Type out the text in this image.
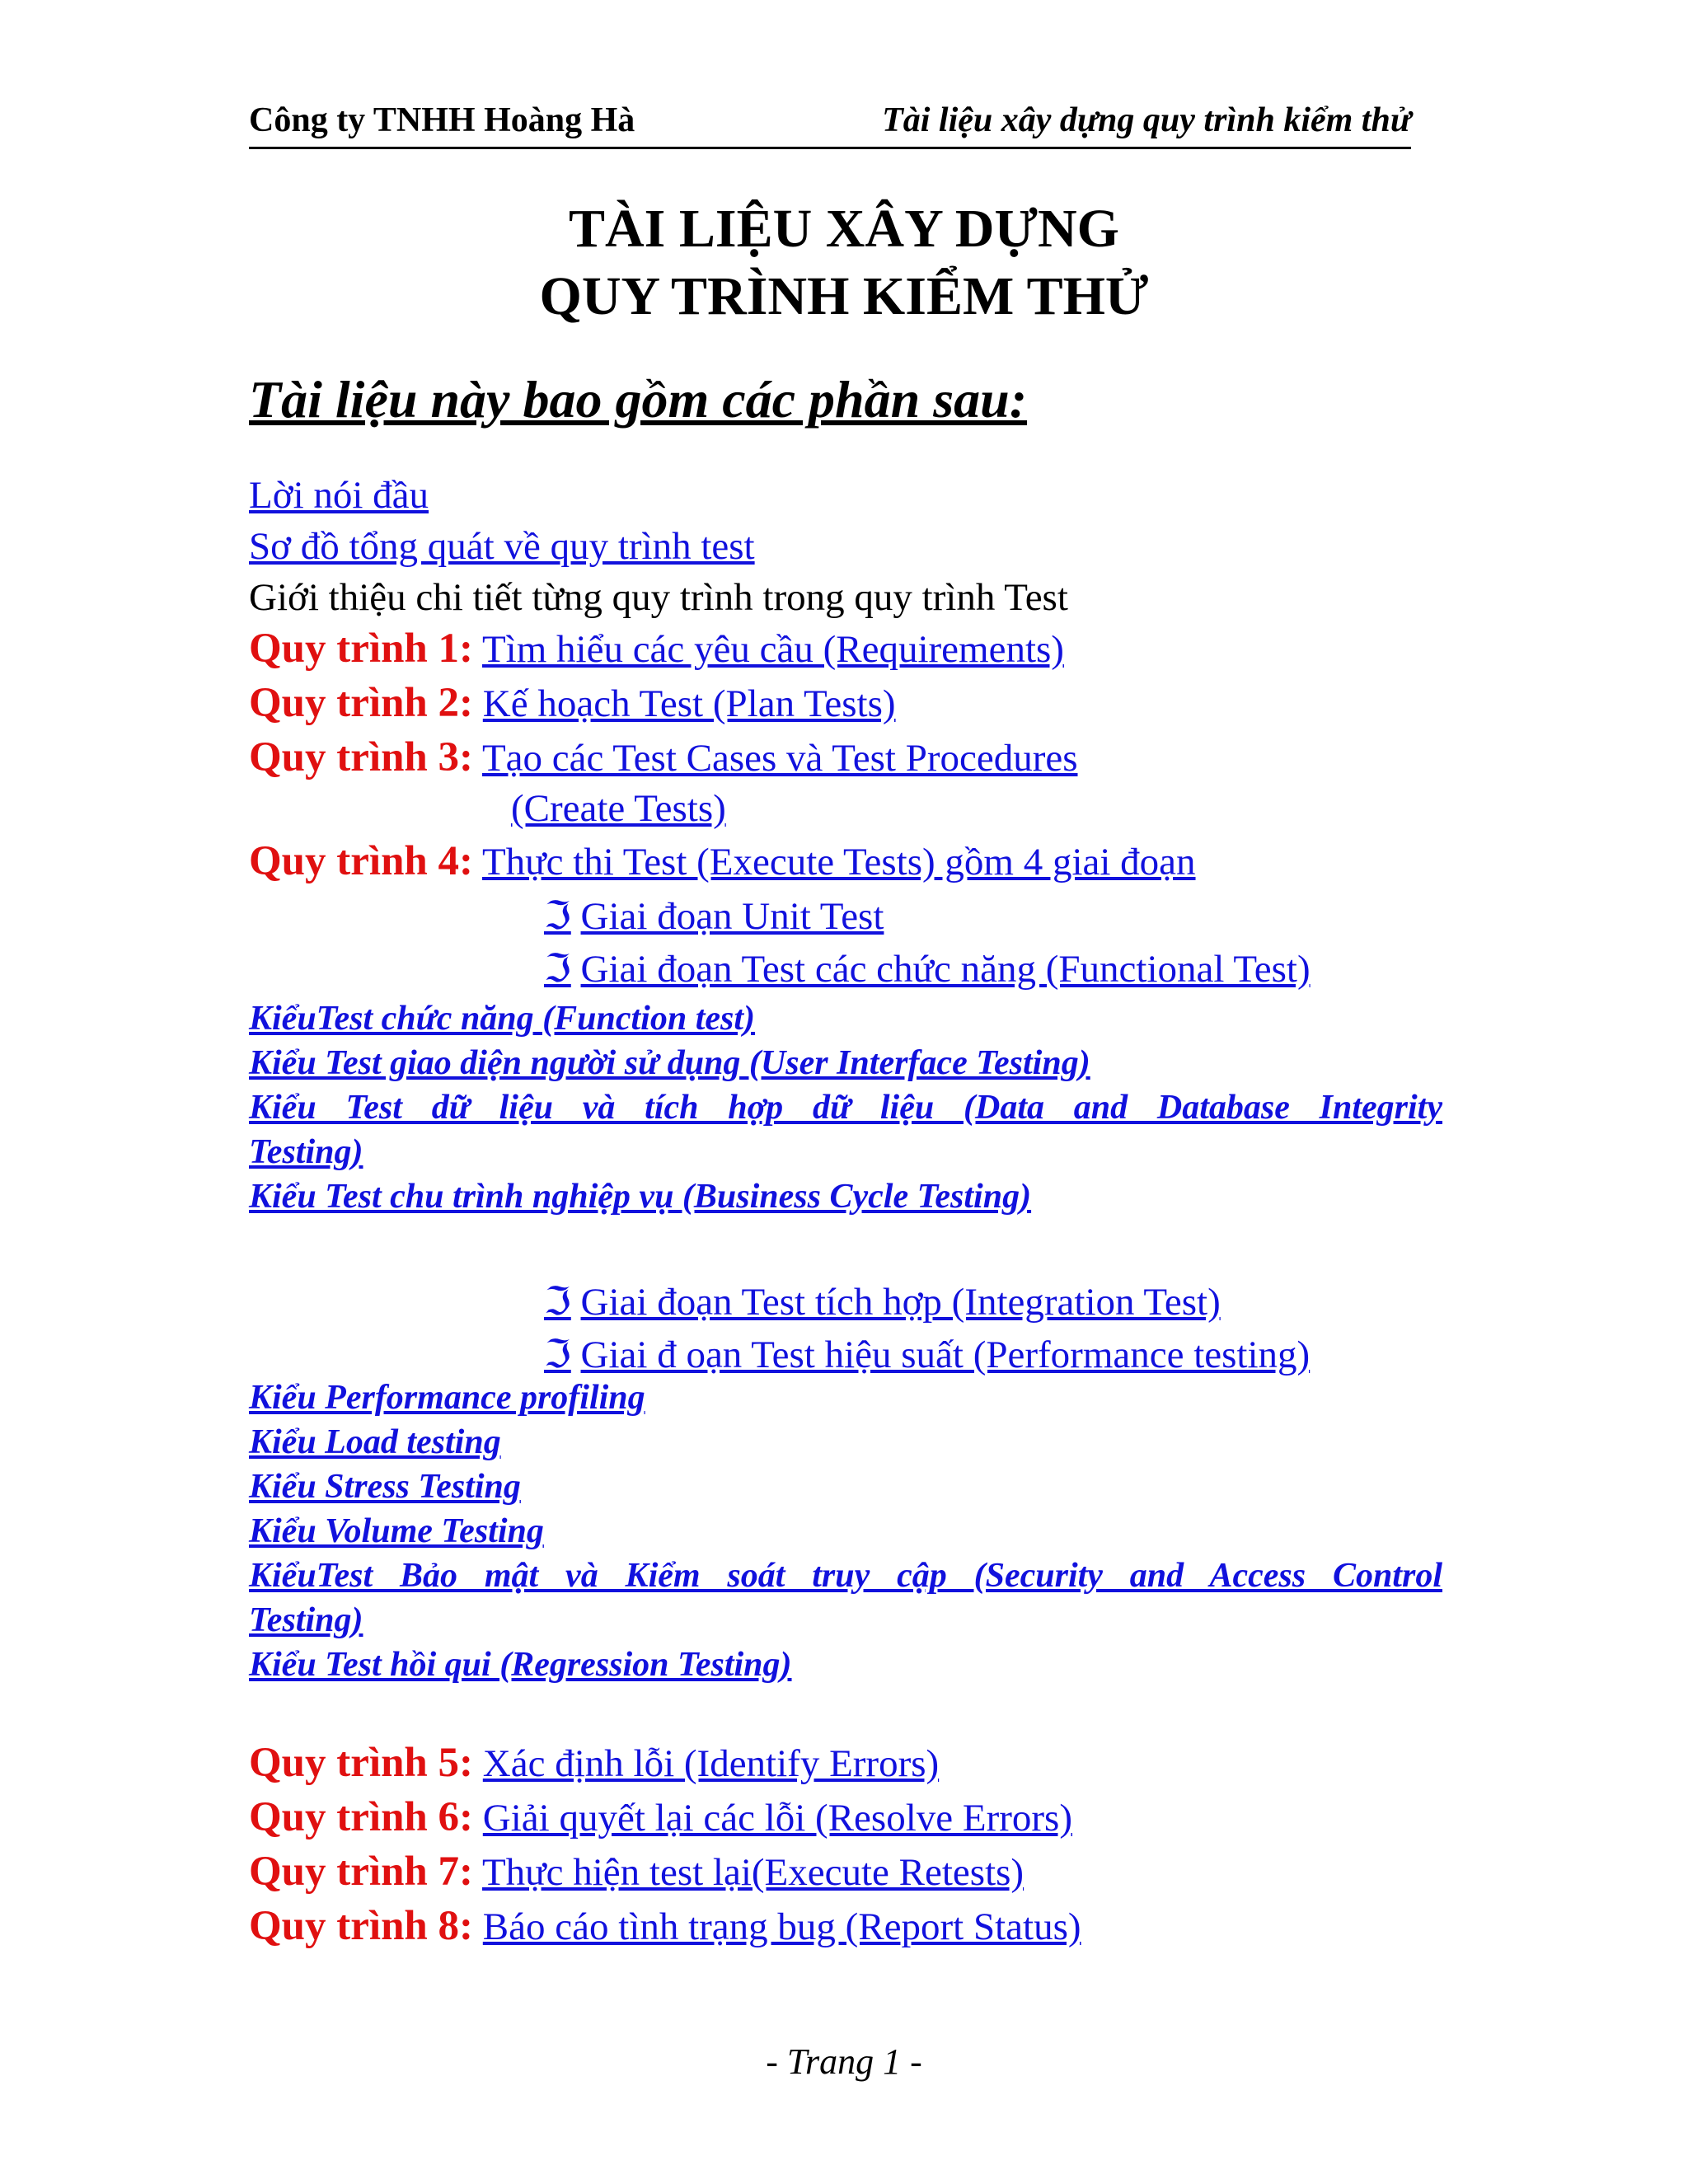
Công ty TNHH Hoàng Hà	Tài liệu xây dựng quy trình kiểm thử
TÀI LIỆU XÂY DỰNG
QUY TRÌNH KIỂM THỬ
Tài liệu này bao gồm các phần sau:
Lời nói đầu
Sơ đồ tổng quát về quy trình test
Giới thiệu chi tiết từng quy trình trong quy trình Test
Quy trình 1: Tìm hiểu các yêu cầu (Requirements)
Quy trình 2: Kế hoạch Test (Plan Tests)
Quy trình 3: Tạo các Test Cases và Test Procedures
(Create Tests)
Quy trình 4: Thực thi Test (Execute Tests) gồm 4 giai đoạn
ℑ Giai đoạn Unit Test
ℑ Giai đoạn Test các chức năng (Functional Test)
KiểuTest chức năng (Function test)
Kiểu Test giao diện người sử dụng (User Interface Testing)
Kiểu Test dữ liệu và tích hợp dữ liệu (Data and Database Integrity
Testing)
Kiểu Test chu trình nghiệp vụ (Business Cycle Testing)
ℑ Giai đoạn Test tích hợp (Integration Test)
ℑ Giai đ oạn Test hiệu suất (Performance testing)
Kiểu Performance profiling
Kiểu Load testing
Kiểu Stress Testing
Kiểu Volume Testing
KiểuTest Bảo mật và Kiểm soát truy cập (Security and Access Control
Testing)
Kiểu Test hồi qui (Regression Testing)
Quy trình 5: Xác định lỗi (Identify Errors)
Quy trình 6: Giải quyết lại các lỗi (Resolve Errors)
Quy trình 7: Thực hiện test lại(Execute Retests)
Quy trình 8: Báo cáo tình trạng bug (Report Status)
- Trang 1 -
